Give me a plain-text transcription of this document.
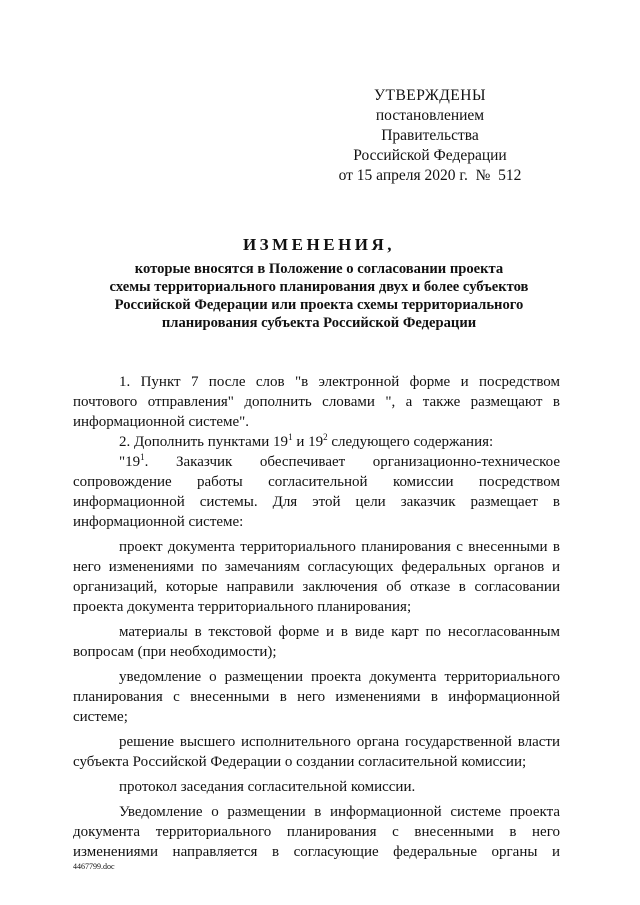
УТВЕРЖДЕНЫ
постановлением Правительства
Российской Федерации
от 15 апреля 2020 г.  №  512
ИЗМЕНЕНИЯ,
которые вносятся в Положение о согласовании проекта
схемы территориального планирования двух и более субъектов
Российской Федерации или проекта схемы территориального
планирования субъекта Российской Федерации

1. Пункт 7 после слов "в электронной форме и посредством почтового отправления" дополнить словами ", а также размещают в информационной системе".

2. Дополнить пунктами $19^1$ и $19^2$ следующего содержания:

"$19^1$. Заказчик обеспечивает организационно-техническое сопровождение работы согласительной комиссии посредством информационной системы. Для этой цели заказчик размещает в информационной системе:

проект документа территориального планирования с внесенными в него изменениями по замечаниям согласующих федеральных органов и организаций, которые направили заключения об отказе в согласовании проекта документа территориального планирования;

материалы в текстовой форме и в виде карт по несогласованным вопросам (при необходимости);

уведомление о размещении проекта документа территориального планирования с внесенными в него изменениями в информационной системе;

решение высшего исполнительного органа государственной власти субъекта Российской Федерации о создании согласительной комиссии;

протокол заседания согласительной комиссии.

Уведомление о размещении в информационной системе проекта документа территориального планирования с внесенными в него изменениями направляется в согласующие федеральные органы и

4467799.doc
